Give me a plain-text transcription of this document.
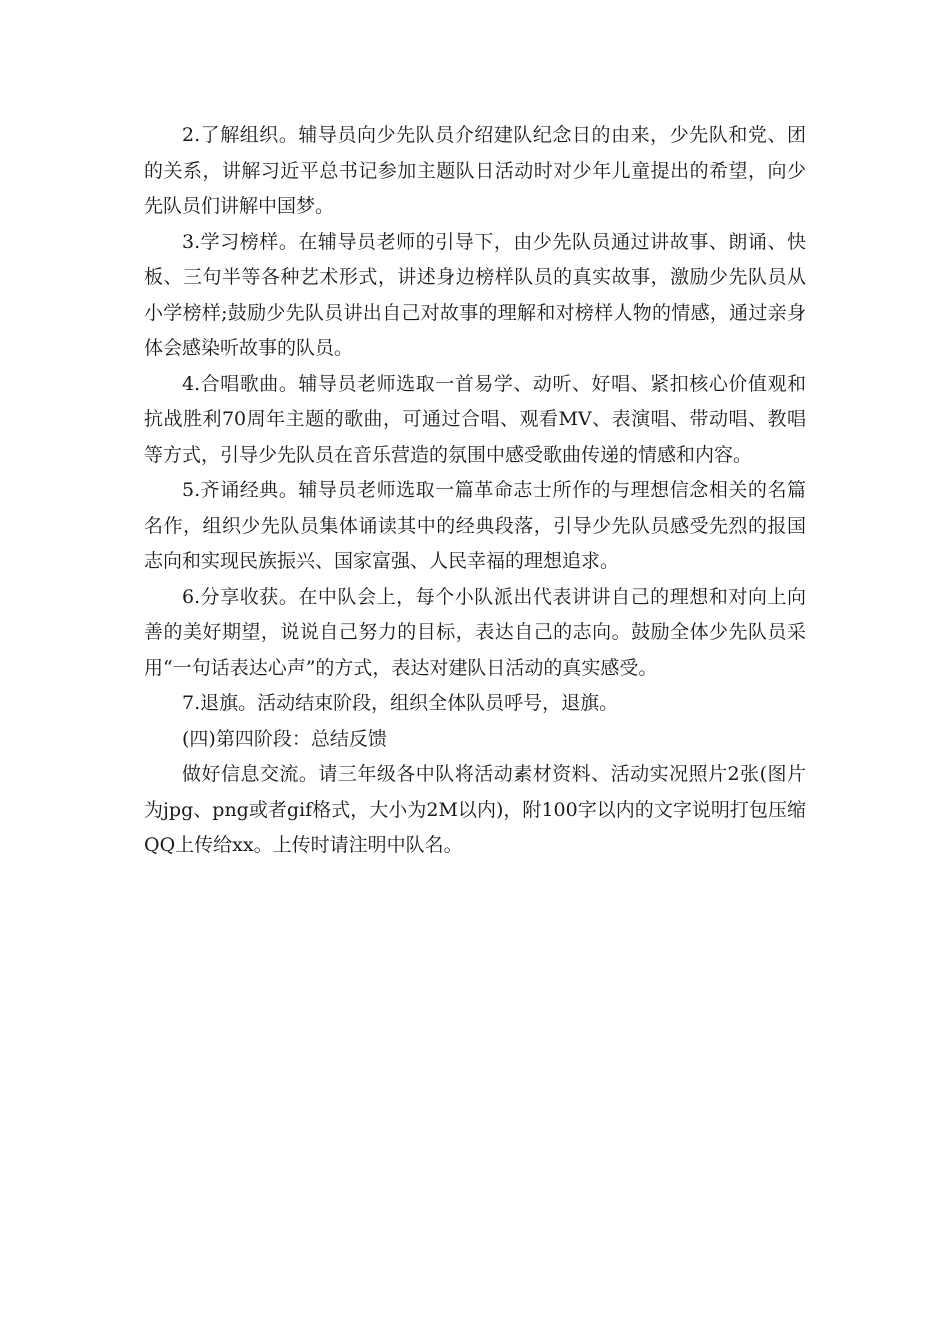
2.了解组织。辅导员向少先队员介绍建队纪念日的由来，少先队和党、团的关系，讲解习近平总书记参加主题队日活动时对少年儿童提出的希望，向少先队员们讲解中国梦。

3.学习榜样。在辅导员老师的引导下，由少先队员通过讲故事、朗诵、快板、三句半等各种艺术形式，讲述身边榜样队员的真实故事，激励少先队员从小学榜样;鼓励少先队员讲出自己对故事的理解和对榜样人物的情感，通过亲身体会感染听故事的队员。

4.合唱歌曲。辅导员老师选取一首易学、动听、好唱、紧扣核心价值观和抗战胜利70周年主题的歌曲，可通过合唱、观看MV、表演唱、带动唱、教唱等方式，引导少先队员在音乐营造的氛围中感受歌曲传递的情感和内容。

5.齐诵经典。辅导员老师选取一篇革命志士所作的与理想信念相关的名篇名作，组织少先队员集体诵读其中的经典段落，引导少先队员感受先烈的报国志向和实现民族振兴、国家富强、人民幸福的理想追求。

6.分享收获。在中队会上，每个小队派出代表讲讲自己的理想和对向上向善的美好期望，说说自己努力的目标，表达自己的志向。鼓励全体少先队员采用“一句话表达心声”的方式，表达对建队日活动的真实感受。

7.退旗。活动结束阶段，组织全体队员呼号，退旗。

(四)第四阶段：总结反馈

做好信息交流。请三年级各中队将活动素材资料、活动实况照片2张(图片为jpg、png或者gif格式，大小为2M以内)，附100字以内的文字说明打包压缩QQ上传给xx。上传时请注明中队名。
